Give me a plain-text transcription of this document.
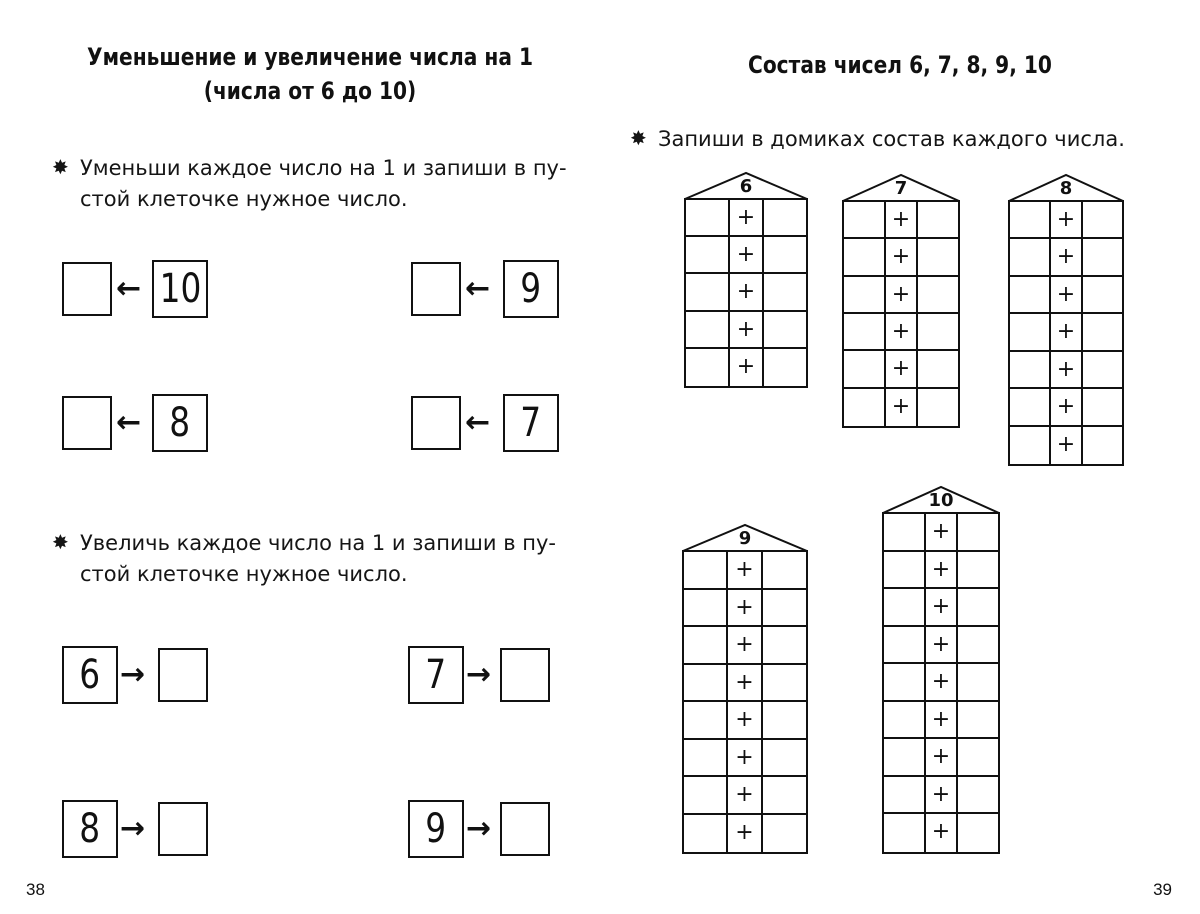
Уменьшение и увеличение числа на 1
(числа от 6 до 10)

✸ Уменьши каждое число на 1 и запиши в пу-
стой клеточке нужное число.

← 10	← 9
← 8	← 7

✸ Увеличь каждое число на 1 и запиши в пу-
стой клеточке нужное число.

6 →	7 →
8 →	9 →
38
Состав чисел 6, 7, 8, 9, 10

✸ Запиши в домиках состав каждого числа.

6
+
+
+
+
+
7
+
+
+
+
+
+
8
+
+
+
+
+
+
+
9
+
+
+
+
+
+
+
+
10
+
+
+
+
+
+
+
+
+
39
